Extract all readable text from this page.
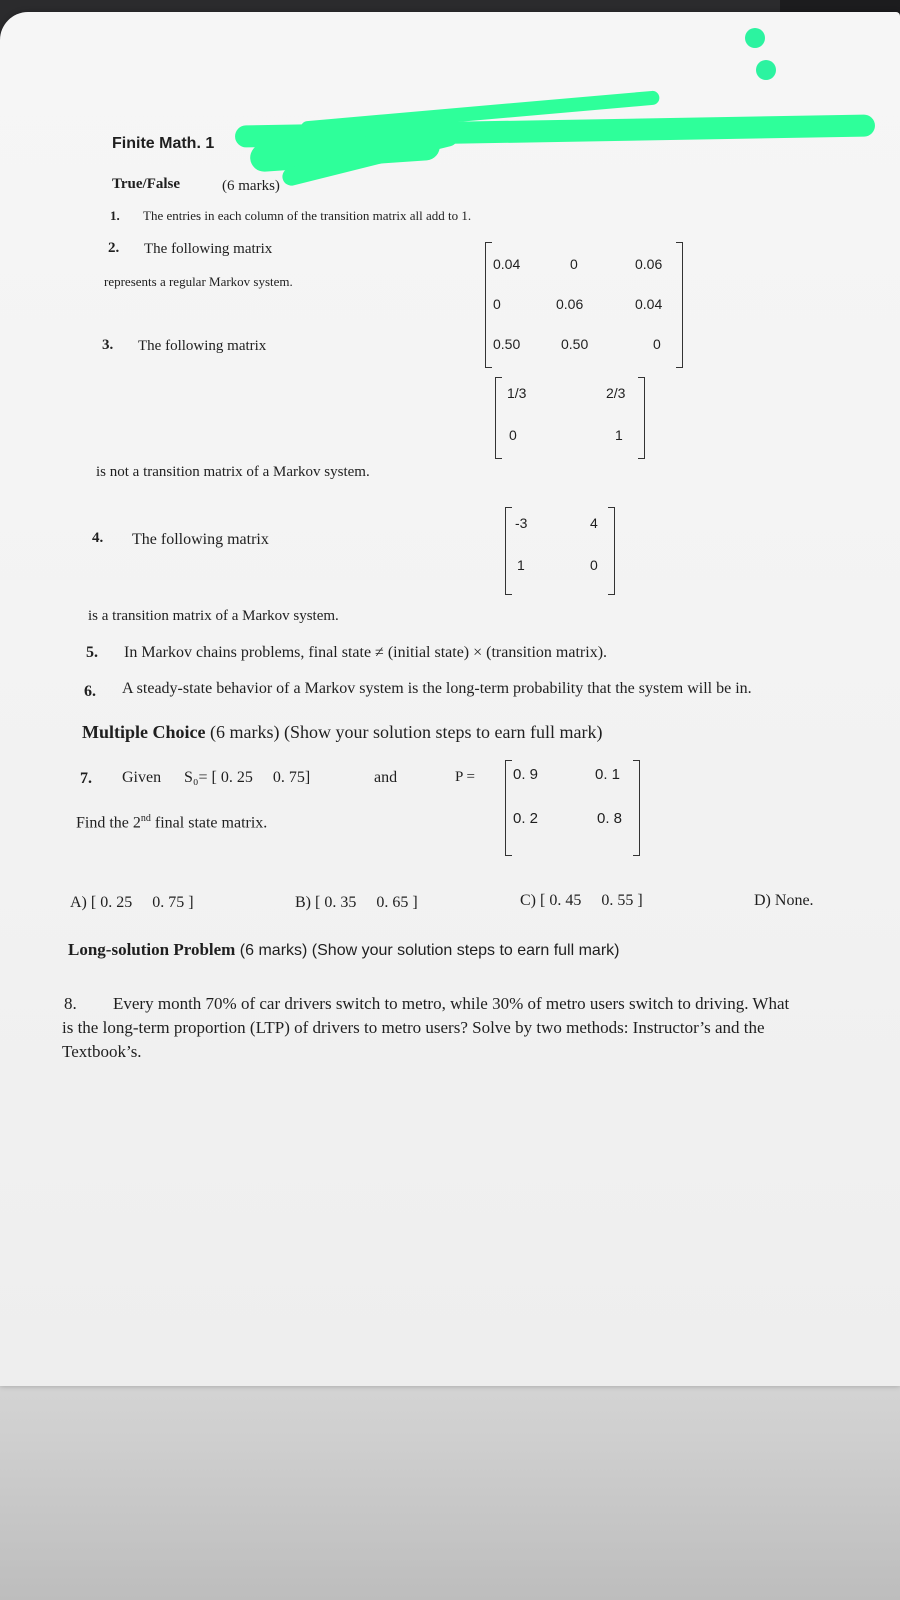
Finite Math. 1
True/False	(6 marks)
1. The entries in each column of the transition matrix all add to 1.
2. The following matrix
represents a regular Markov system.
0.04	0	0.06
0	0.06	0.04
0.50	0.50	0
3. The following matrix
1/3	2/3
0	1
is not a transition matrix of a Markov system.
4. The following matrix
-3	4
1	0
is a transition matrix of a Markov system.
5. In Markov chains problems, final state ≠ (initial state) × (transition matrix).
6. A steady-state behavior of a Markov system is the long-term probability that the system will be in.
Multiple Choice (6 marks) (Show your solution steps to earn full mark)
7. Given S₀= [ 0. 25     0. 75]	and	P =	0. 9	0. 1
0. 2	0. 8
Find the 2nd final state matrix.
A) [ 0. 25     0. 75 ]	B) [ 0. 35     0. 65 ]	C) [ 0. 45     0. 55 ]	D) None.
Long-solution Problem (6 marks) (Show your solution steps to earn full mark)
8. Every month 70% of car drivers switch to metro, while 30% of metro users switch to driving. What
is the long-term proportion (LTP) of drivers to metro users? Solve by two methods: Instructor’s and the
Textbook’s.
